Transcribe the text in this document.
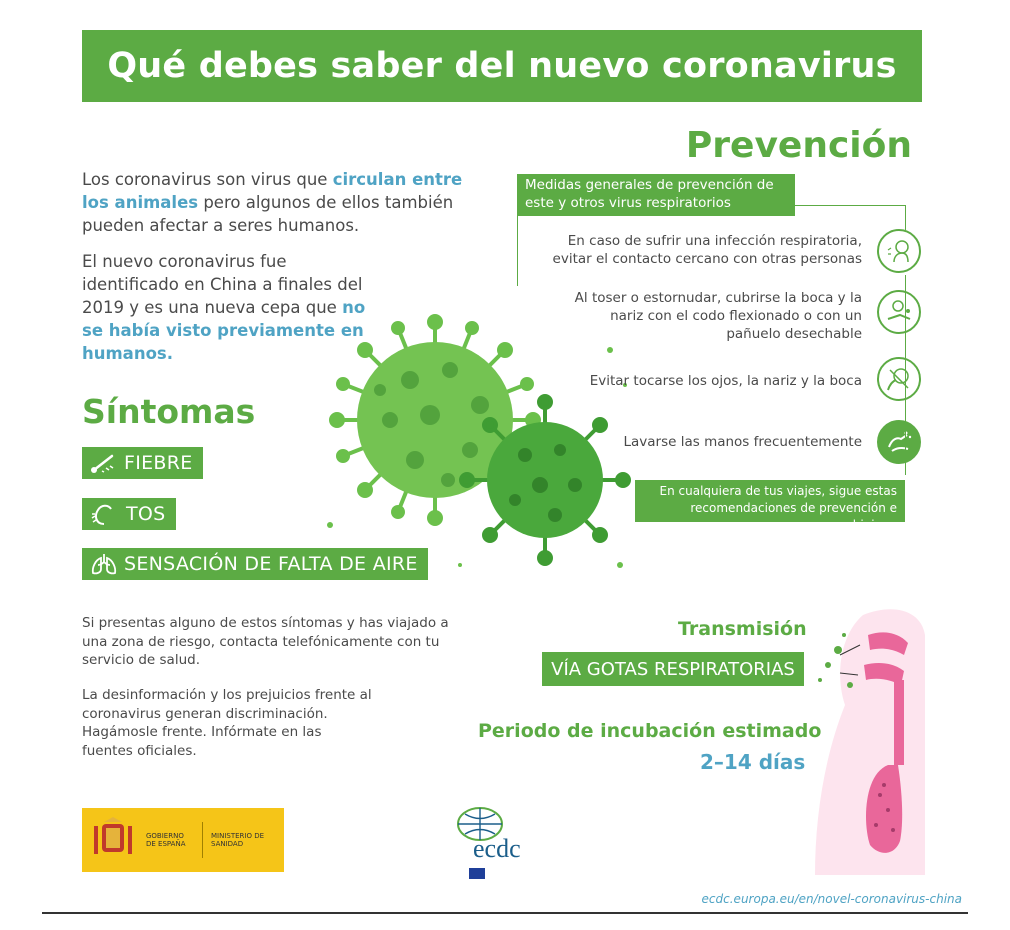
Qué debes saber del nuevo coronavirus
Los coronavirus son virus que circulan entre los animales pero algunos de ellos también pueden afectar a seres humanos.
El nuevo coronavirus fue identificado en China a finales del 2019 y es una nueva cepa que no se había visto previamente en humanos.
Síntomas
FIEBRE
TOS
SENSACIÓN DE FALTA DE AIRE
Si presentas alguno de estos síntomas y has viajado a una zona de riesgo, contacta telefónicamente con tu servicio de salud.
La desinformación y los prejuicios frente al coronavirus generan discriminación. Hagámosle frente. Infórmate en las fuentes oficiales.
Prevención
Medidas generales de prevención de este y otros virus respiratorios
En caso de sufrir una infección respiratoria, evitar el contacto cercano con otras personas
Al toser o estornudar, cubrirse la boca y la nariz con el codo flexionado o con un pañuelo desechable
Evitar tocarse los ojos, la nariz y la boca
Lavarse las manos frecuentemente
En cualquiera de tus viajes, sigue estas recomendaciones de prevención e higiene
Transmisión
VÍA GOTAS RESPIRATORIAS
Periodo de incubación estimado
2–14 días
GOBIERNO DE ESPAÑA
MINISTERIO DE SANIDAD	ecdc
ecdc.europa.eu/en/novel-coronavirus-china
